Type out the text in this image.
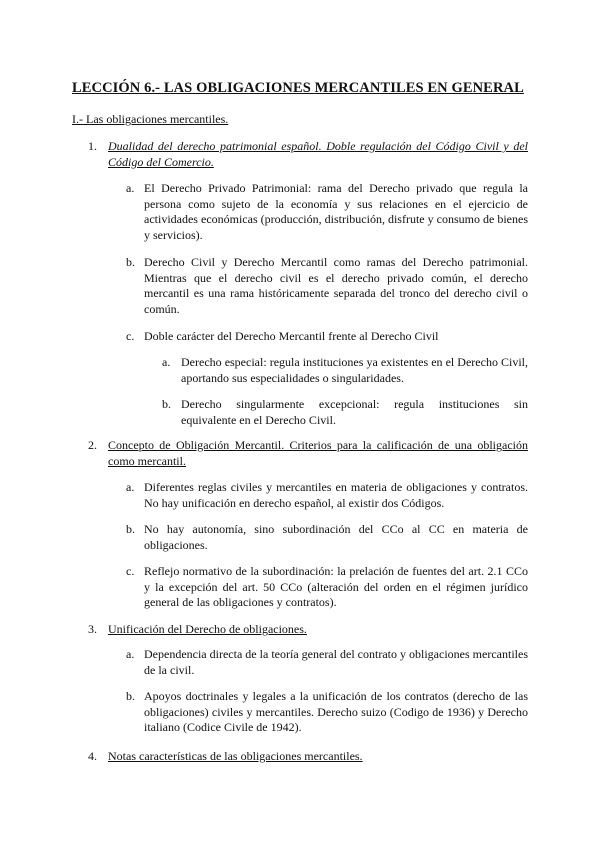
LECCIÓN 6.- LAS OBLIGACIONES MERCANTILES EN GENERAL

I.- Las obligaciones mercantiles.

1. Dualidad del derecho patrimonial español. Doble regulación del Código Civil y del Código del Comercio.

a. El Derecho Privado Patrimonial: rama del Derecho privado que regula la persona como sujeto de la economía y sus relaciones en el ejercicio de actividades económicas (producción, distribución, disfrute y consumo de bienes y servicios).

b. Derecho Civil y Derecho Mercantil como ramas del Derecho patrimonial. Mientras que el derecho civil es el derecho privado común, el derecho mercantil es una rama históricamente separada del tronco del derecho civil o común.

c. Doble carácter del Derecho Mercantil frente al Derecho Civil

a. Derecho especial: regula instituciones ya existentes en el Derecho Civil, aportando sus especialidades o singularidades.

b. Derecho singularmente excepcional: regula instituciones sin equivalente en el Derecho Civil.

2. Concepto de Obligación Mercantil. Criterios para la calificación de una obligación como mercantil.

a. Diferentes reglas civiles y mercantiles en materia de obligaciones y contratos. No hay unificación en derecho español, al existir dos Códigos.

b. No hay autonomía, sino subordinación del CCo al CC en materia de obligaciones.

c. Reflejo normativo de la subordinación: la prelación de fuentes del art. 2.1 CCo y la excepción del art. 50 CCo (alteración del orden en el régimen jurídico general de las obligaciones y contratos).

3. Unificación del Derecho de obligaciones.

a. Dependencia directa de la teoría general del contrato y obligaciones mercantiles de la civil.

b. Apoyos doctrinales y legales a la unificación de los contratos (derecho de las obligaciones) civiles y mercantiles. Derecho suizo (Codigo de 1936) y Derecho italiano (Codice Civile de 1942).

4. Notas características de las obligaciones mercantiles.
